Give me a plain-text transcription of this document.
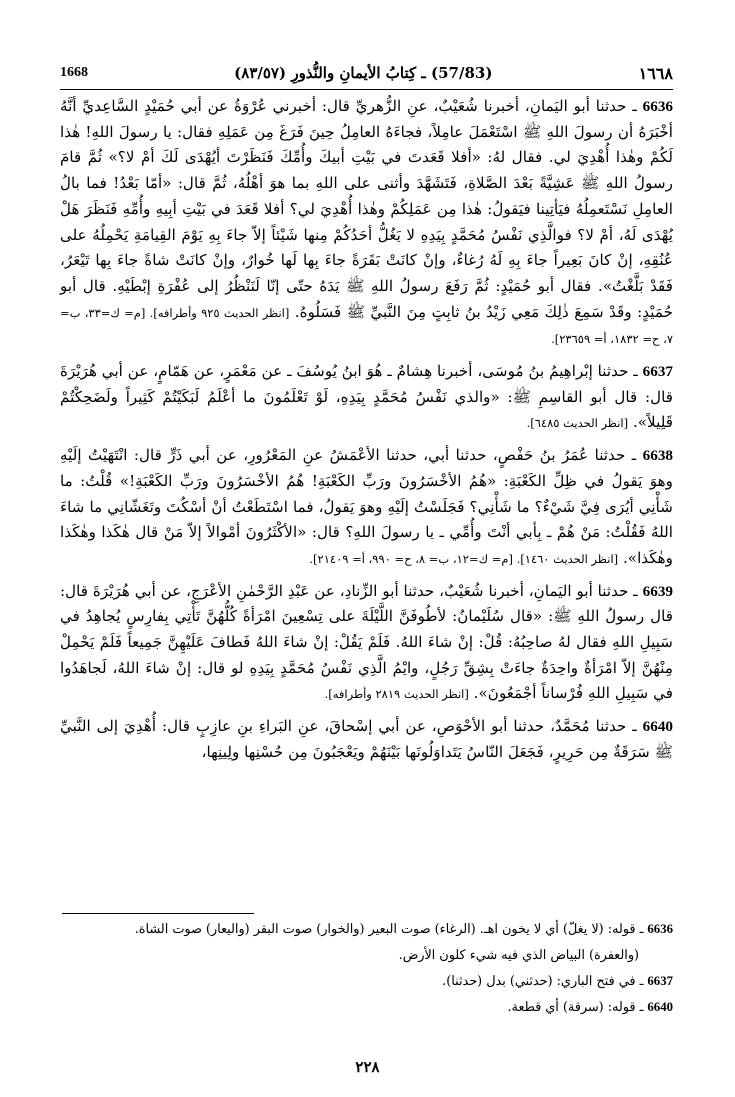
1668	(57/83) ـ كِتابُ الأيمانِ والنُّذورِ (٨٣/٥٧)	١٦٦٨

6636 ـ حدثنا أبو اليَمانِ، أخبرنا شُعَيْبٌ، عنِ الزُّهريِّ قال: أخبرني عُرْوَةُ عن أبي حُمَيْدٍ السَّاعِديِّ أنَّهُ أخْبَرَهُ أن رسولَ اللهِ ﷺ اسْتَعْمَلَ عامِلاً، فجاءَهُ العامِلُ حِينَ فَرَغَ مِن عَمَلِهِ فقال: يا رسولَ اللهِ! هٰذا لَكُمْ وهٰذا أُهْدِيَ لي. فقال لهُ: «أفلا قَعَدتَ في بَيْتِ أبيكَ وأُمِّكَ فَنَظَرْتَ أيُهْدَى لَكَ أمْ لا؟» ثُمَّ قامَ رسولُ اللهِ ﷺ عَشِيَّةً بَعْدَ الصَّلاةِ، فَتَشَهَّدَ وأثنى على اللهِ بما هوَ أهْلُهُ، ثُمَّ قال: «أمّا بَعْدُ! فما بالُ العامِلِ نَسْتَعمِلُهُ فيَأتِينا فيَقولُ: هٰذا مِن عَمَلِكُمْ وهٰذا أُهْدِيَ لي؟ أفلا قَعَدَ في بَيْتِ أبِيهِ وأُمِّهِ فَنَظَرَ هَلْ يُهْدَى لَهُ، أمْ لا؟ فوالَّذِي نَفْسُ مُحَمَّدٍ بِيَدِهِ لا يَغُلُّ أحَدُكُمْ مِنها شَيْئاً إلاّ جاءَ بِهِ يَوْمَ القِيامَةِ يَحْمِلُهُ على عُنُقِهِ، إنْ كانَ بَعِيراً جاءَ بِهِ لَهُ رُغاءٌ، وإنْ كانَتْ بَقَرَةً جاءَ بِها لَها خُوارٌ، وإنْ كانَتْ شاةً جاءَ بِها تَيْعَرُ، فَقَدْ بَلَّغْتُ». فقال أبو حُمَيْدٍ: ثُمَّ رَفَعَ رسولُ اللهِ ﷺ يَدَهُ حتّى إنّا لَنَنْظُرُ إلى عُفْرَةِ إبْطَيْهِ. قال أبو حُمَيْدٍ: وقَدْ سَمِعَ ذٰلِكَ مَعِي زَيْدُ بنُ ثابِتٍ مِنَ النَّبيِّ ﷺ فَسَلُوهُ. [انظر الحديث ٩٢٥ وأطرافه]. [م= ك=٣٣، ب= ٧، ح= ١٨٣٢، أ= ٢٣٦٥٩].

6637 ـ حدثنا إبْراهِيمُ بنُ مُوسَى، أخبرنا هِشامٌ ـ هُوَ ابنُ يُوسُفَ ـ عن مَعْمَرٍ، عن هَمّامٍ، عن أبي هُرَيْرَةَ قال: قال أبو القاسِمِ ﷺ: «والذي نَفْسُ مُحَمَّدٍ بِيَدِهِ، لَوْ تَعْلَمُونَ ما أعْلَمُ لَبَكَيْتُمْ كَثِيراً ولَضَحِكْتُمْ قَلِيلاً». [انظر الحديث ٦٤٨٥].

6638 ـ حدثنا عُمَرُ بنُ حَفْصٍ، حدثنا أبي، حدثنا الأعْمَشُ عنِ المَعْرُورِ، عن أبي ذَرٍّ قال: انْتَهَيْتُ إلَيْهِ وهوَ يَقولُ في ظِلِّ الكَعْبَةِ: «هُمُ الأخْسَرُونَ ورَبِّ الكَعْبَةِ! هُمُ الأخْسَرُونَ ورَبِّ الكَعْبَةِ!» قُلْتُ: ما شَأْنِي أيُرَى فِيَّ شَيْءٌ؟ ما شَأْنِي؟ فَجَلَسْتُ إلَيْهِ وهوَ يَقولُ، فما اسْتَطَعْتُ أنْ أسْكُتَ وتَغَشّانِي ما شاءَ اللهُ فَقُلْتُ: مَنْ هُمْ ـ بِأبي أنْتَ وأُمِّي ـ يا رسولَ اللهِ؟ قال: «الأكْثَرُونَ أمْوالاً إلاّ مَنْ قال هٰكَذا وهٰكَذا وهٰكَذا». [انظر الحديث ١٤٦٠]. [م= ك=١٢، ب= ٨، ح= ٩٩٠، أ= ٢١٤٠٩].

6639 ـ حدثنا أبو اليَمانِ، أخبرنا شُعَيْبٌ، حدثنا أبو الزِّنادِ، عن عَبْدِ الرَّحْمٰنِ الأعْرَجِ، عن أبي هُرَيْرَةَ قال: قال رسولُ اللهِ ﷺ: «قال سُلَيْمانُ: لأطُوفَنَّ اللَّيْلَةَ على تِسْعِينَ امْرَأةً كُلُّهُنَّ تَأْتِي بِفارِسٍ يُجاهِدُ في سَبِيلِ اللهِ فقال لهُ صاحِبُهُ: قُلْ: إنْ شاءَ اللهُ. فَلَمْ يَقُلْ: إنْ شاءَ اللهُ فَطافَ عَلَيْهِنَّ جَمِيعاً فَلَمْ يَحْمِلْ مِنْهُنَّ إلاّ امْرَأةٌ واحِدَةٌ جاءَتْ بِشِقِّ رَجُلٍ، وايْمُ الَّذِي نَفْسُ مُحَمَّدٍ بِيَدِهِ لو قال: إنْ شاءَ اللهُ، لَجاهَدُوا في سَبِيلِ اللهِ فُرْساناً أجْمَعُونَ». [انظر الحديث ٢٨١٩ وأطرافه].

6640 ـ حدثنا مُحَمَّدٌ، حدثنا أبو الأحْوَصِ، عن أبي إسْحاقَ، عنِ البَراءِ بنِ عازِبٍ قال: أُهْدِيَ إلى النَّبيِّ ﷺ سَرَقَةٌ مِن حَرِيرٍ، فَجَعَلَ النّاسُ يَتَداوَلُونَها بَيْنَهُمْ ويَعْجَبُونَ مِن حُسْنِها ولِينِها،

6636 ـ قوله: (لا يغلّ) أي لا يخون اهـ. (الرغاء) صوت البعير (والخوار) صوت البقر (واليعار) صوت الشاة.

(والعفرة) البياض الذي فيه شيء كلون الأرض.

6637 ـ في فتح الباري: (حدثني) بدل (حدثنا).

6640 ـ قوله: (سرقة) أي قطعة.

٢٢٨
